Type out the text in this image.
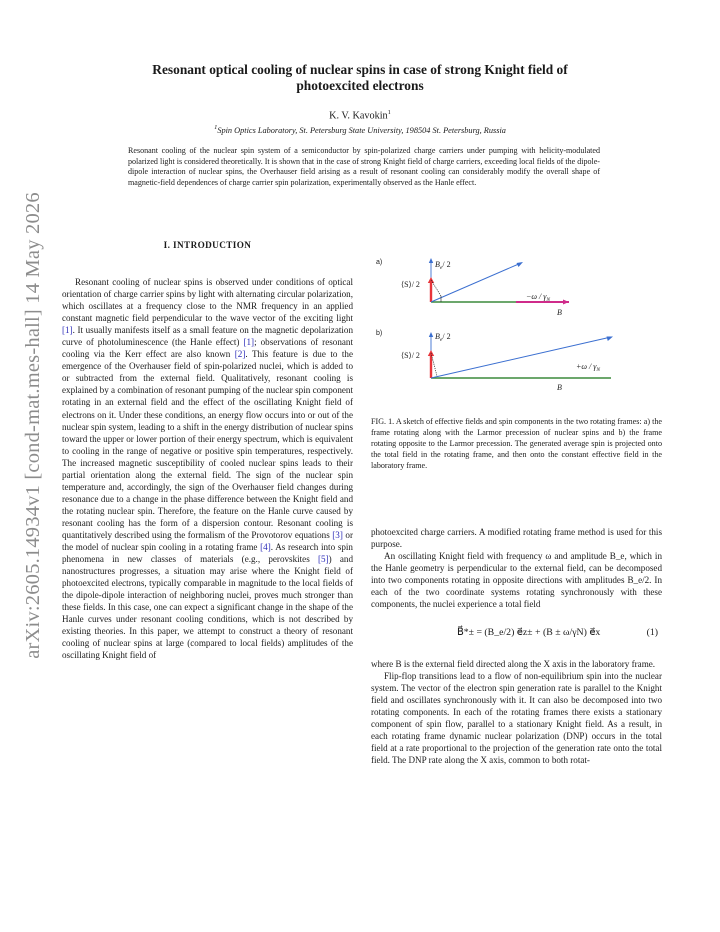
arXiv:2605.14934v1 [cond-mat.mes-hall] 14 May 2026
Resonant optical cooling of nuclear spins in case of strong Knight field of
photoexcited electrons
K. V. Kavokin$^1$
$^1$Spin Optics Laboratory, St. Petersburg State University, 198504 St. Petersburg, Russia
Resonant cooling of the nuclear spin system of a semiconductor by spin-polarized charge carriers under pumping with helicity-modulated polarized light is considered theoretically. It is shown that in the case of strong Knight field of charge carriers, exceeding local fields of the dipole-dipole interaction of nuclear spins, the Overhauser field arising as a result of resonant cooling can considerably modify the overall shape of magnetic-field dependences of charge carrier spin polarization, experimentally observed as the Hanle effect.
I. INTRODUCTION

Resonant cooling of nuclear spins is observed under conditions of optical orientation of charge carrier spins by light with alternating circular polarization, which oscillates at a frequency close to the NMR frequency in an applied constant magnetic field perpendicular to the wave vector of the exciting light [1]. It usually manifests itself as a small feature on the magnetic depolarization curve of photoluminescence (the Hanle effect) [1]; observations of resonant cooling via the Kerr effect are also known [2]. This feature is due to the emergence of the Overhauser field of spin-polarized nuclei, which is added to or subtracted from the external field. Qualitatively, resonant cooling is explained by a combination of resonant pumping of the nuclear spin component rotating in an external field and the effect of the oscillating Knight field of electrons on it. Under these conditions, an energy flow occurs into or out of the nuclear spin system, leading to a shift in the energy distribution of nuclear spins toward the upper or lower portion of their energy spectrum, which is equivalent to cooling in the range of negative or positive spin temperatures, respectively. The increased magnetic susceptibility of cooled nuclear spins leads to their partial orientation along the external field. The sign of the nuclear spin temperature and, accordingly, the sign of the Overhauser field changes during resonance due to a change in the phase difference between the Knight field and the rotating nuclear spin. Therefore, the feature on the Hanle curve caused by resonant cooling has the form of a dispersion contour. Resonant cooling is quantitatively described using the formalism of the Provotorov equations [3] or the model of nuclear spin cooling in a rotating frame [4]. As research into spin phenomena in new classes of materials (e.g., perovskites [5]) and nanostructures progresses, a situation may arise where the Knight field of photoexcited electrons, typically comparable in magnitude to the local fields of the dipole-dipole interaction of neighboring nuclei, proves much stronger than these fields. In this case, one can expect a significant change in the shape of the Hanle curves under resonant cooling conditions, which is not described by existing theories. In this paper, we attempt to construct a theory of resonant cooling of nuclear spins at large (compared to local fields) amplitudes of the oscillating Knight field of

a)	$B_e/$ 2
⟨S⟩/ 2
$-\omega / \gamma_N$
B
b)	$B_e/$ 2
⟨S⟩/ 2
$+\omega / \gamma_N$
B
FIG. 1. A sketch of effective fields and spin components in the two rotating frames: a) the frame rotating along with the Larmor precession of nuclear spins and b) the frame rotating opposite to the Larmor precession. The generated average spin is projected onto the total field in the rotating frame, and then onto the constant effective field in the laboratory frame.

photoexcited charge carriers. A modified rotating frame method is used for this purpose.

An oscillating Knight field with frequency ω and amplitude B_e, which in the Hanle geometry is perpendicular to the external field, can be decomposed into two components rotating in opposite directions with amplitudes B_e/2. In each of the two coordinate systems rotating synchronously with these components, the nuclei experience a total field

B⃗*± = (B_e/2) e⃗z± + (B ± ω/γN) e⃗x	(1)

where B is the external field directed along the X axis in the laboratory frame.

Flip-flop transitions lead to a flow of non-equilibrium spin into the nuclear system. The vector of the electron spin generation rate is parallel to the Knight field and oscillates synchronously with it. It can also be decomposed into two rotating components. In each of the rotating frames there exists a stationary component of spin flow, parallel to a stationary Knight field. As a result, in each rotating frame dynamic nuclear polarization (DNP) occurs in the total field at a rate proportional to the projection of the generation rate onto the total field. The DNP rate along the X axis, common to both rotat-
